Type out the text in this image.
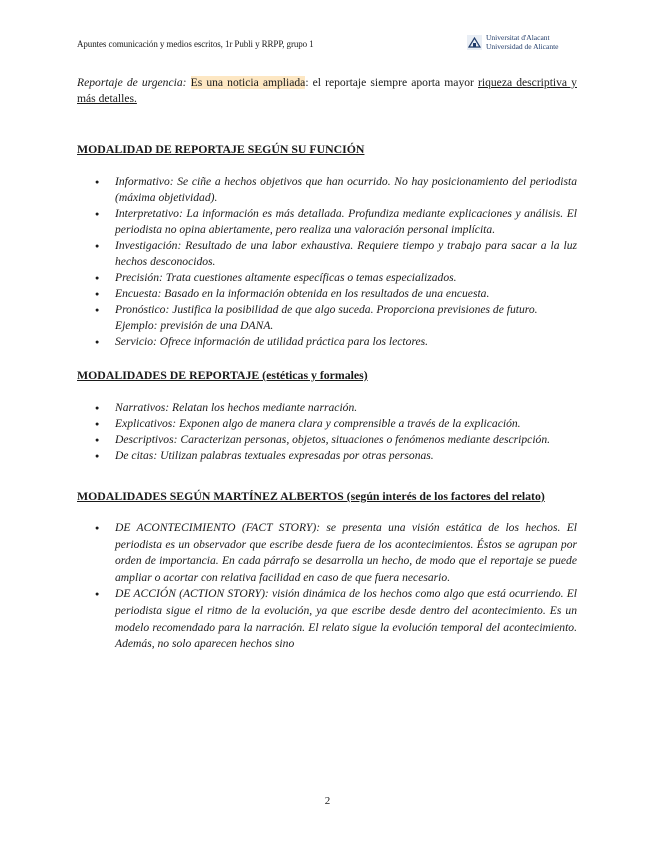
Apuntes comunicación y medios escritos, 1r Publi y RRPP, grupo 1
Universitat d'Alacant
Universidad de Alicante

Reportaje de urgencia: Es una noticia ampliada: el reportaje siempre aporta mayor riqueza descriptiva y más detalles.

MODALIDAD DE REPORTAJE SEGÚN SU FUNCIÓN
● Informativo: Se ciñe a hechos objetivos que han ocurrido. No hay posicionamiento del periodista (máxima objetividad).
● Interpretativo: La información es más detallada. Profundiza mediante explicaciones y análisis. El periodista no opina abiertamente, pero realiza una valoración personal implícita.
● Investigación: Resultado de una labor exhaustiva. Requiere tiempo y trabajo para sacar a la luz hechos desconocidos.
● Precisión: Trata cuestiones altamente específicas o temas especializados.
● Encuesta: Basado en la información obtenida en los resultados de una encuesta.
● Pronóstico: Justifica la posibilidad de que algo suceda. Proporciona previsiones de futuro.
Ejemplo: previsión de una DANA.
● Servicio: Ofrece información de utilidad práctica para los lectores.
MODALIDADES DE REPORTAJE (estéticas y formales)
● Narrativos: Relatan los hechos mediante narración.
● Explicativos: Exponen algo de manera clara y comprensible a través de la explicación.
● Descriptivos: Caracterizan personas, objetos, situaciones o fenómenos mediante descripción.
● De citas: Utilizan palabras textuales expresadas por otras personas.
MODALIDADES SEGÚN MARTÍNEZ ALBERTOS (según interés de los factores del relato)
● DE ACONTECIMIENTO (FACT STORY): se presenta una visión estática de los hechos. El periodista es un observador que escribe desde fuera de los acontecimientos. Éstos se agrupan por orden de importancia. En cada párrafo se desarrolla un hecho, de modo que el reportaje se puede ampliar o acortar con relativa facilidad en caso de que fuera necesario.
● DE ACCIÓN (ACTION STORY): visión dinámica de los hechos como algo que está ocurriendo. El periodista sigue el ritmo de la evolución, ya que escribe desde dentro del acontecimiento. Es un modelo recomendado para la narración. El relato sigue la evolución temporal del acontecimiento. Además, no solo aparecen hechos sino
2
